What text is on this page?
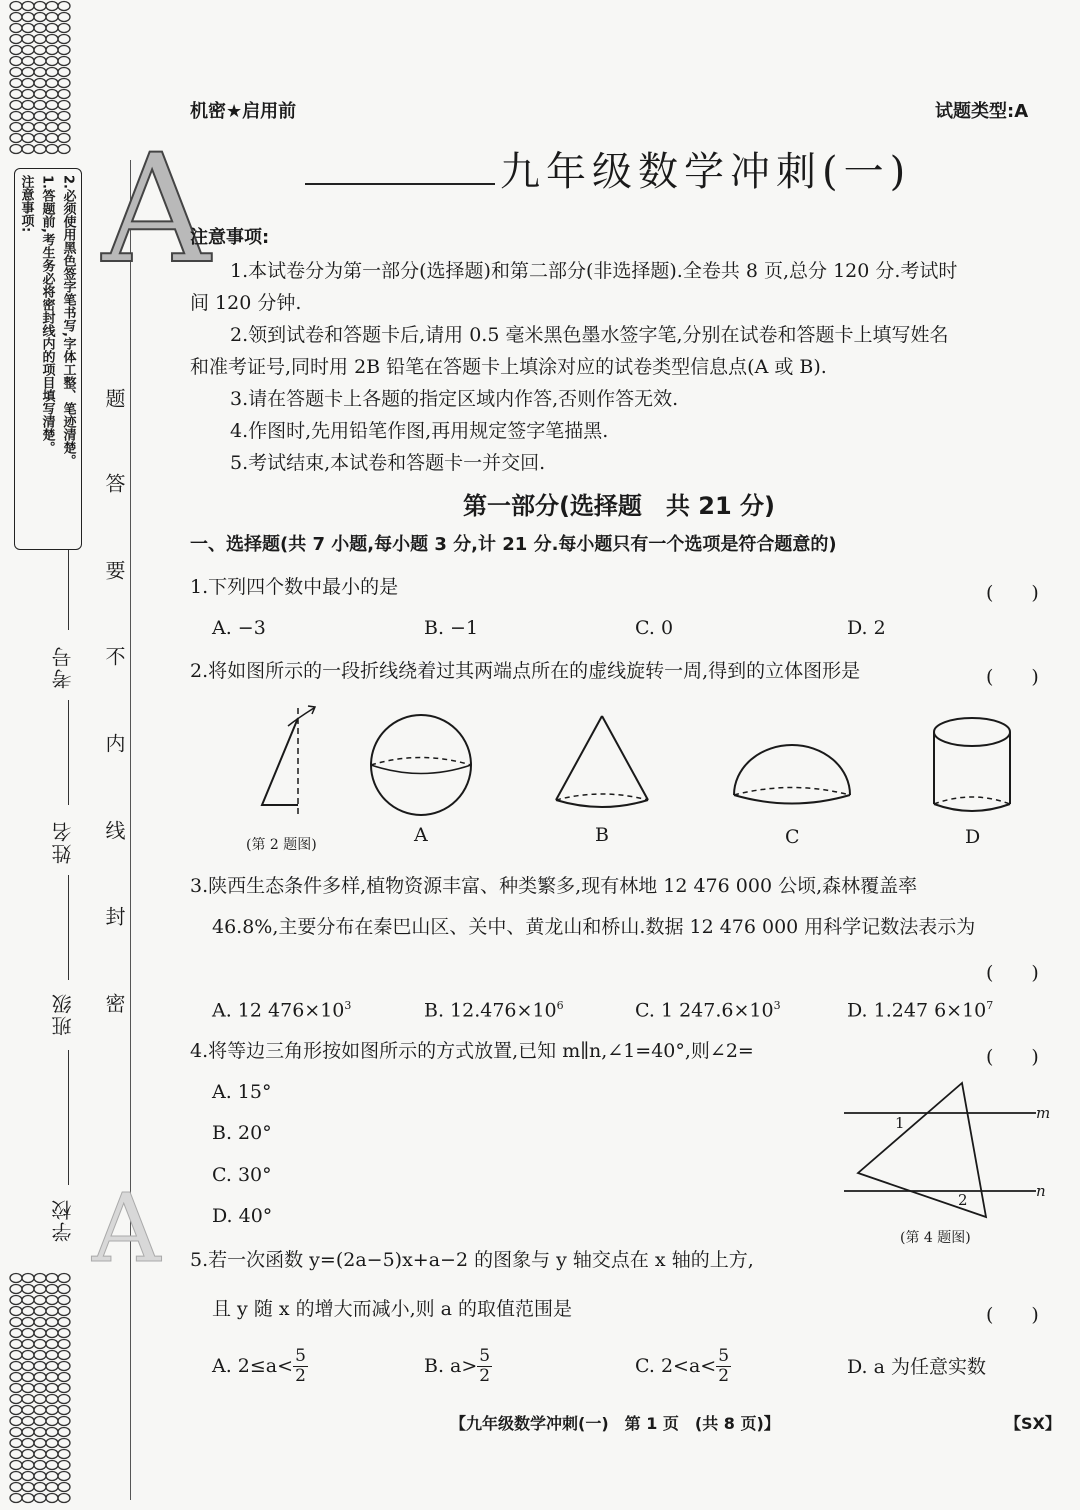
2.必须使用黑色签字笔书写,字体工整、笔迹清楚。
1.答题前,考生务必将密封线内的项目填写清楚。
注意事项:
题
答
要
不
内
线
封
密
考号
姓名
班级
学校
A
A
机密★启用前	试题类型:A
九年级数学冲刺(一)
注意事项:
1.本试卷分为第一部分(选择题)和第二部分(非选择题).全卷共 8 页,总分 120 分.考试时
间 120 分钟.
2.领到试卷和答题卡后,请用 0.5 毫米黑色墨水签字笔,分别在试卷和答题卡上填写姓名
和准考证号,同时用 2B 铅笔在答题卡上填涂对应的试卷类型信息点(A 或 B).
3.请在答题卡上各题的指定区域内作答,否则作答无效.
4.作图时,先用铅笔作图,再用规定签字笔描黑.
5.考试结束,本试卷和答题卡一并交回.
第一部分(选择题　共 21 分)
一、选择题(共 7 小题,每小题 3 分,计 21 分.每小题只有一个选项是符合题意的)
1.下列四个数中最小的是	(　　)
A. −3	B. −1	C. 0	D. 2
2.将如图所示的一段折线绕着过其两端点所在的虚线旋转一周,得到的立体图形是	(　　)
(第 2 题图)	A	B	C	D
3.陕西生态条件多样,植物资源丰富、种类繁多,现有林地 12 476 000 公顷,森林覆盖率
46.8%,主要分布在秦巴山区、关中、黄龙山和桥山.数据 12 476 000 用科学记数法表示为
(　　)
A. 12 $476\times 10^3$	B. $12.476\times 10^6$	C. 1 $247.6\times 10^3$	D. 1.247 $6\times 10^7$
4.将等边三角形按如图所示的方式放置,已知 m∥n,∠1=40°,则∠2=	(　　)
A. 15°
B. 20°
C. 30°
D. 40°
m
n
1
2
(第 4 题图)
5.若一次函数 y=(2a−5)x+a−2 的图象与 y 轴交点在 x 轴的上方,
且 y 随 x 的增大而减小,则 a 的取值范围是	(　　)
A. $2\le a< \frac{5}{2}$	B. $a> \frac{5}{2}$	C. $2<a< \frac{5}{2}$	D. a 为任意实数
【九年级数学冲刺(一)　第 1 页　(共 8 页)】	【SX】
